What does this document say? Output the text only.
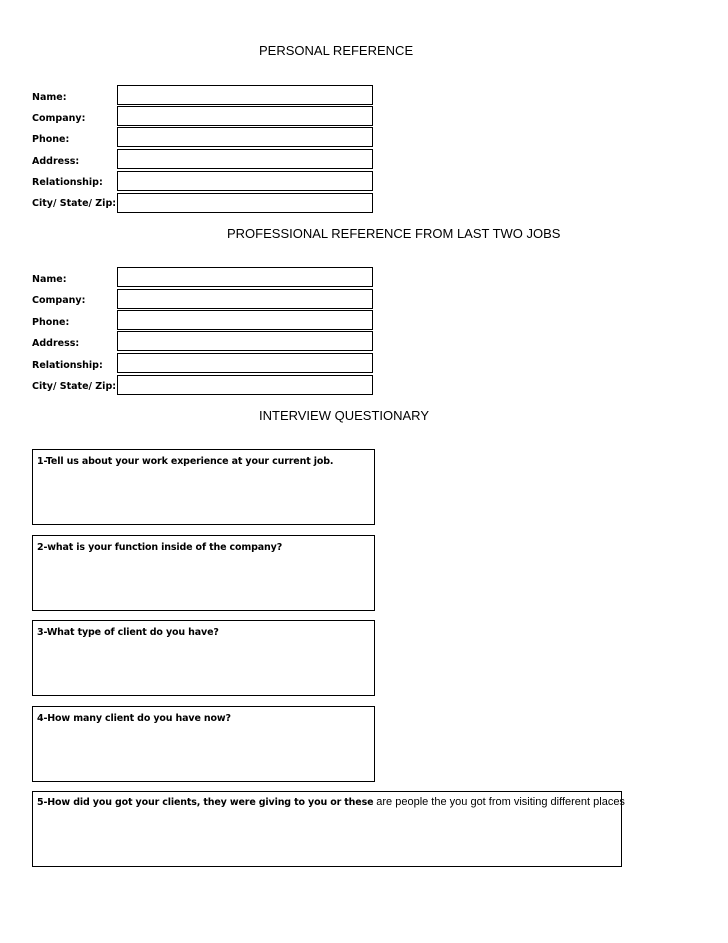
PERSONAL REFERENCE
Name:
Company:
Phone:
Address:
Relationship:
City/ State/ Zip:
PROFESSIONAL REFERENCE FROM LAST TWO JOBS
Name:
Company:
Phone:
Address:
Relationship:
City/ State/ Zip:
INTERVIEW QUESTIONARY
1-Tell us about your work experience at your current job.
2-what is your function inside of the company?
3-What type of client do you have?
4-How many client do you have now?
5-How did you got your clients, they were giving to you or these are people the you got from visiting different places
